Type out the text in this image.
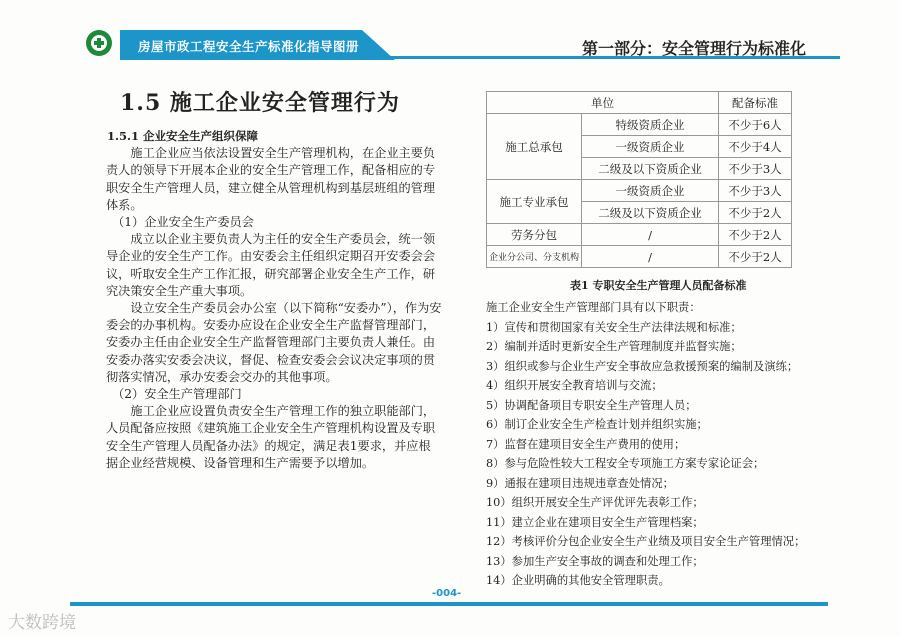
房屋市政工程安全生产标准化指导图册	第一部分：安全管理行为标准化
1.5 施工企业安全管理行为

1.5.1 企业安全生产组织保障

施工企业应当依法设置安全生产管理机构，在企业主要负责人的领导下开展本企业的安全生产管理工作，配备相应的专职安全生产管理人员，建立健全从管理机构到基层班组的管理体系。

（1）企业安全生产委员会

成立以企业主要负责人为主任的安全生产委员会，统一领导企业的安全生产工作。由安委会主任组织定期召开安委会会议，听取安全生产工作汇报，研究部署企业安全生产工作，研究决策安全生产重大事项。

设立安全生产委员会办公室（以下简称“安委办”），作为安委会的办事机构。安委办应设在企业安全生产监督管理部门，安委办主任由企业安全生产监督管理部门主要负责人兼任。由安委办落实安委会决议，督促、检查安委会会议决定事项的贯彻落实情况，承办安委会交办的其他事项。

（2）安全生产管理部门

施工企业应设置负责安全生产管理工作的独立职能部门，人员配备应按照《建筑施工企业安全生产管理机构设置及专职安全生产管理人员配备办法》的规定，满足表1要求，并应根据企业经营规模、设备管理和生产需要予以增加。

单位		配备标准
施工总承包	特级资质企业	不少于6人
	一级资质企业	不少于4人
	二级及以下资质企业	不少于3人
施工专业承包	一级资质企业	不少于3人
	二级及以下资质企业	不少于2人
劳务分包	/	不少于2人
企业分公司、分支机构	/	不少于2人
表1 专职安全生产管理人员配备标准
施工企业安全生产管理部门具有以下职责：
1）宣传和贯彻国家有关安全生产法律法规和标准；
2）编制并适时更新安全生产管理制度并监督实施；
3）组织或参与企业生产安全事故应急救援预案的编制及演练；
4）组织开展安全教育培训与交流；
5）协调配备项目专职安全生产管理人员；
6）制订企业安全生产检查计划并组织实施；
7）监督在建项目安全生产费用的使用；
8）参与危险性较大工程安全专项施工方案专家论证会；
9）通报在建项目违规违章查处情况；
10）组织开展安全生产评优评先表彰工作；
11）建立企业在建项目安全生产管理档案；
12）考核评价分包企业安全生产业绩及项目安全生产管理情况；
13）参加生产安全事故的调查和处理工作；
14）企业明确的其他安全管理职责。
-004-
大数跨境
